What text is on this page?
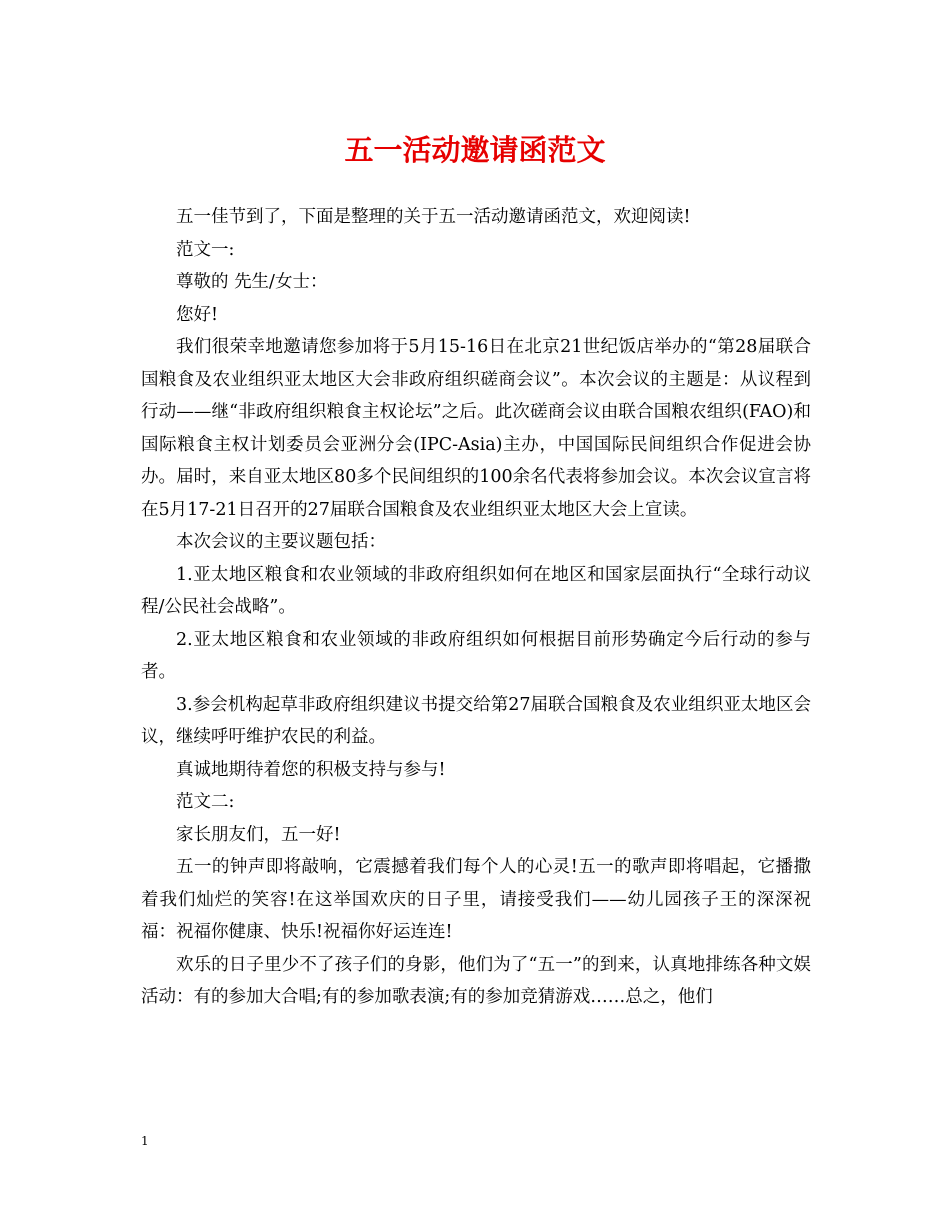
五一活动邀请函范文

五一佳节到了，下面是整理的关于五一活动邀请函范文，欢迎阅读!

范文一:

尊敬的 先生/女士：

您好!

我们很荣幸地邀请您参加将于5月15-16日在北京21世纪饭店举办的“第28届联合国粮食及农业组织亚太地区大会非政府组织磋商会议”。本次会议的主题是：从议程到行动——继“非政府组织粮食主权论坛”之后。此次磋商会议由联合国粮农组织(FAO)和国际粮食主权计划委员会亚洲分会(IPC-Asia)主办，中国国际民间组织合作促进会协办。届时，来自亚太地区80多个民间组织的100余名代表将参加会议。本次会议宣言将在5月17-21日召开的27届联合国粮食及农业组织亚太地区大会上宣读。

本次会议的主要议题包括：

1.亚太地区粮食和农业领域的非政府组织如何在地区和国家层面执行“全球行动议程/公民社会战略”。

2.亚太地区粮食和农业领域的非政府组织如何根据目前形势确定今后行动的参与者。

3.参会机构起草非政府组织建议书提交给第27届联合国粮食及农业组织亚太地区会议，继续呼吁维护农民的利益。

真诚地期待着您的积极支持与参与!

范文二:

家长朋友们，五一好!

五一的钟声即将敲响，它震撼着我们每个人的心灵!五一的歌声即将唱起，它播撒着我们灿烂的笑容!在这举国欢庆的日子里，请接受我们——幼儿园孩子王的深深祝福：祝福你健康、快乐!祝福你好运连连!

欢乐的日子里少不了孩子们的身影，他们为了“五一”的到来，认真地排练各种文娱活动：有的参加大合唱;有的参加歌表演;有的参加竞猜游戏……总之，他们

1
